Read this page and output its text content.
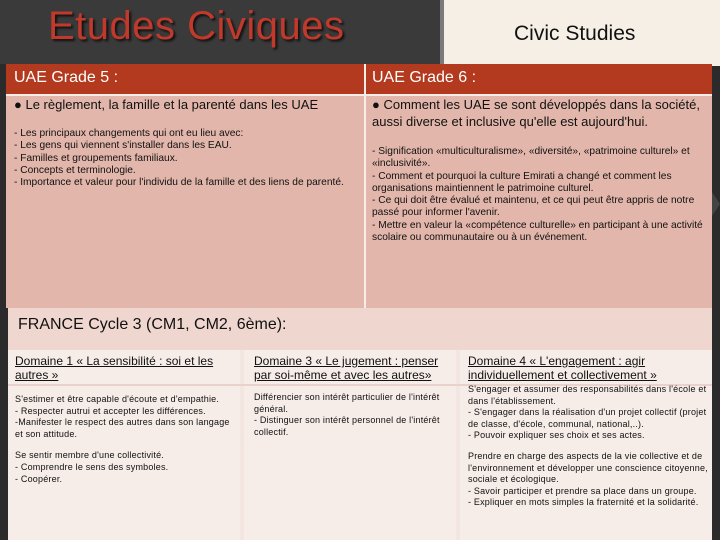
Etudes Civiques	Civic Studies
UAE Grade 5 :	UAE Grade 6 :
● Le règlement, la famille et la parenté dans les UAE
- Les principaux changements qui ont eu lieu avec:
- Les gens qui viennent s'installer dans les EAU.
- Familles et groupements familiaux.
- Concepts et terminologie.
- Importance et valeur pour l'individu de la famille et des liens de parenté.
● Comment les UAE se sont développés dans la société, aussi diverse et inclusive qu'elle est aujourd'hui.
- Signification «multiculturalisme», «diversité», «patrimoine culturel» et «inclusivité».
- Comment et pourquoi la culture Emirati a changé et comment les organisations maintiennent le patrimoine culturel.
- Ce qui doit être évalué et maintenu, et ce qui peut être appris de notre passé pour informer l'avenir.
- Mettre en valeur la «compétence culturelle» en participant à une activité scolaire ou communautaire ou à un événement.
FRANCE Cycle 3 (CM1, CM2, 6ème):
Domaine 1 « La sensibilité : soi et les autres »
S'estimer et être capable d'écoute et d'empathie.
- Respecter autrui et accepter les différences.
-Manifester le respect des autres dans son langage et son attitude.
Se sentir membre d'une collectivité.
- Comprendre le sens des symboles.
- Coopérer.
Domaine 3 « Le jugement : penser par soi-même et avec les autres»
Différencier son intérêt particulier de l'intérêt général.
- Distinguer son intérêt personnel de l'intérêt collectif.
Domaine 4 « L'engagement : agir individuellement et collectivement »
S'engager et assumer des responsabilités dans l'école et dans l'établissement.
- S'engager dans la réalisation d'un projet collectif (projet de classe, d'école, communal, national,..).
- Pouvoir expliquer ses choix et ses actes.
Prendre en charge des aspects de la vie collective et de l'environnement et développer une conscience citoyenne, sociale et écologique.
- Savoir participer et prendre sa place dans un groupe.
- Expliquer en mots simples la fraternité et la solidarité.
